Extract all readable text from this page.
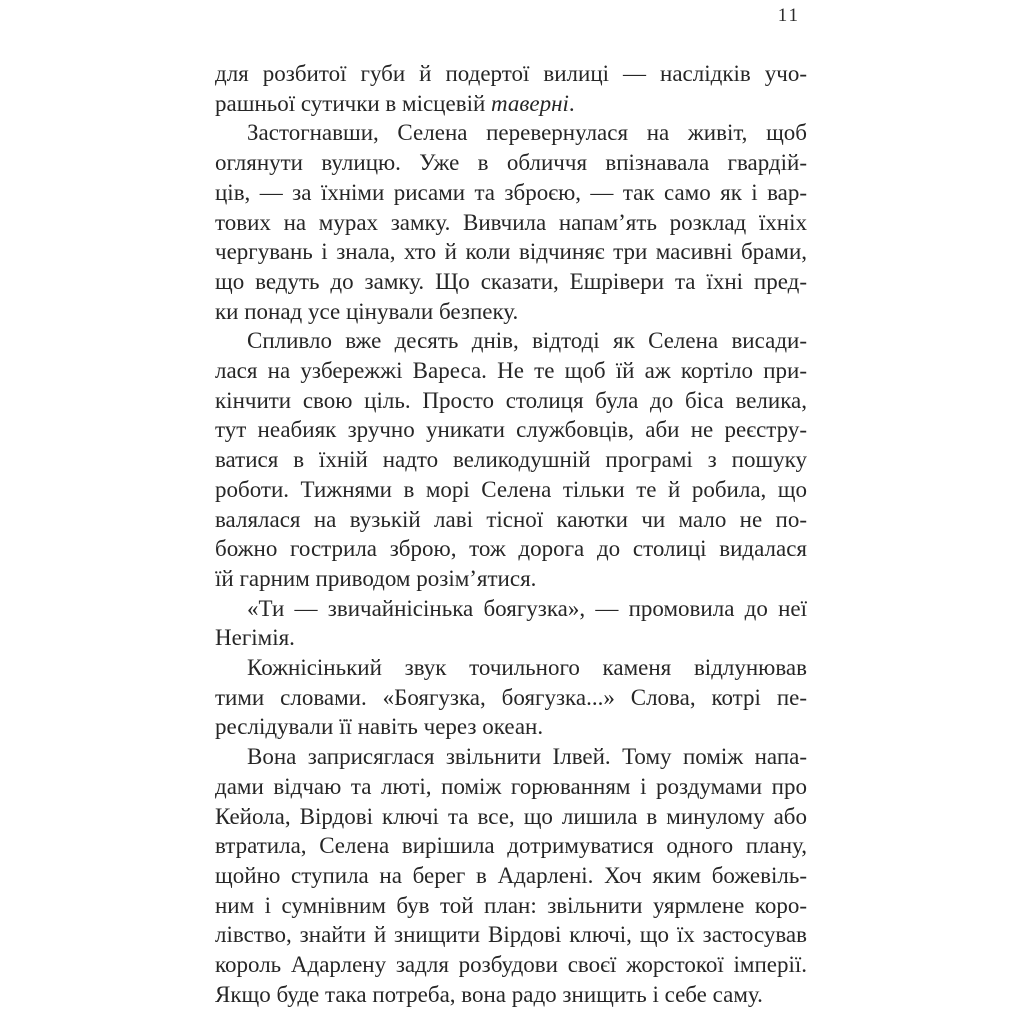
11
для розбитої губи й подертої вилиці — наслідків учо-
рашньої сутички в місцевій таверні.
Застогнавши, Селена перевернулася на живіт, щоб
оглянути вулицю. Уже в обличчя впізнавала гвардій-
ців, — за їхніми рисами та зброєю, — так само як і вар-
тових на мурах замку. Вивчила напам’ять розклад їхніх
чергувань і знала, хто й коли відчиняє три масивні брами,
що ведуть до замку. Що сказати, Ешрівери та їхні пред-
ки понад усе цінували безпеку.
Спливло вже десять днів, відтоді як Селена висади-
лася на узбережжі Вареса. Не те щоб їй аж кортіло при-
кінчити свою ціль. Просто столиця була до біса велика,
тут неабияк зручно уникати службовців, аби не реєстру-
ватися в їхній надто великодушній програмі з пошуку
роботи. Тижнями в морі Селена тільки те й робила, що
валялася на вузькій лаві тісної каютки чи мало не по-
божно гострила зброю, тож дорога до столиці видалася
їй гарним приводом розім’ятися.
«Ти — звичайнісінька боягузка», — промовила до неї
Негімія.
Кожнісінький звук точильного каменя відлунював
тими словами. «Боягузка, боягузка...» Слова, котрі пе-
реслідували її навіть через океан.
Вона заприсяглася звільнити Ілвей. Тому поміж напа-
дами відчаю та люті, поміж горюванням і роздумами про
Кейола, Вірдові ключі та все, що лишила в минулому або
втратила, Селена вирішила дотримуватися одного плану,
щойно ступила на берег в Адарлені. Хоч яким божевіль-
ним і сумнівним був той план: звільнити уярмлене коро-
лівство, знайти й знищити Вірдові ключі, що їх застосував
король Адарлену задля розбудови своєї жорстокої імперії.
Якщо буде така потреба, вона радо знищить і себе саму.
